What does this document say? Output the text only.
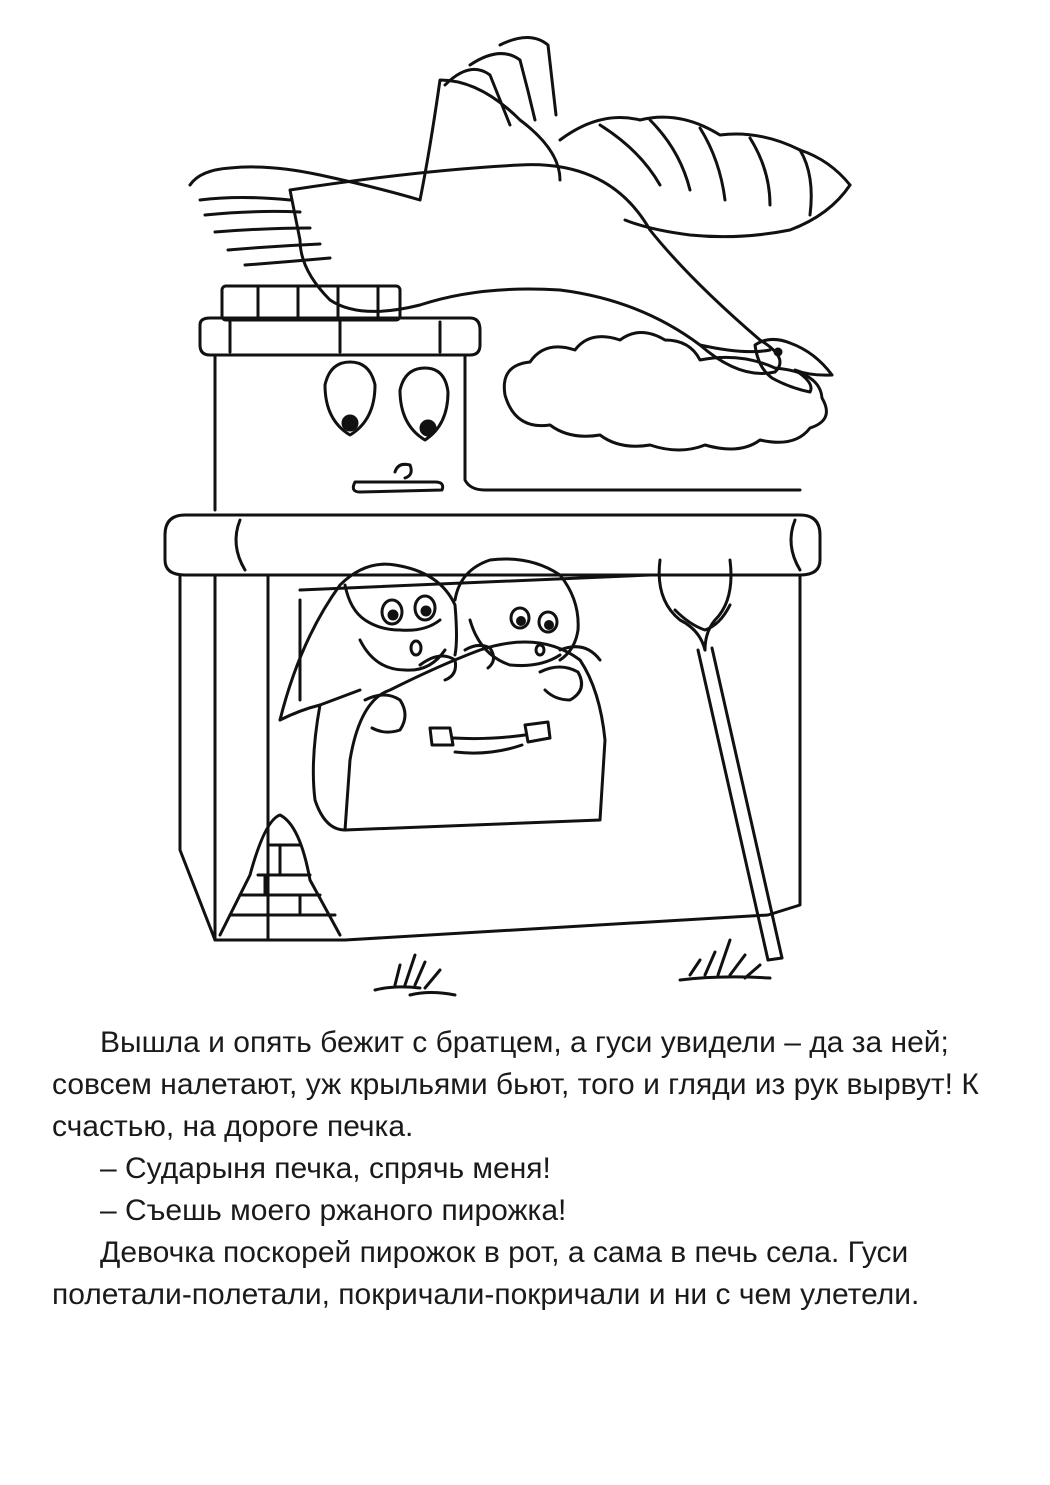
Вышла и опять бежит с братцем, а гуси увидели – да за ней; совсем налетают, уж крыльями бьют, того и гляди из рук вырвут! К счастью, на дороге печка.

– Сударыня печка, спрячь меня!

– Съешь моего ржаного пирожка!

Девочка поскорей пирожок в рот, а сама в печь села. Гуси полетали-полетали, покричали-покричали и ни с чем улетели.
